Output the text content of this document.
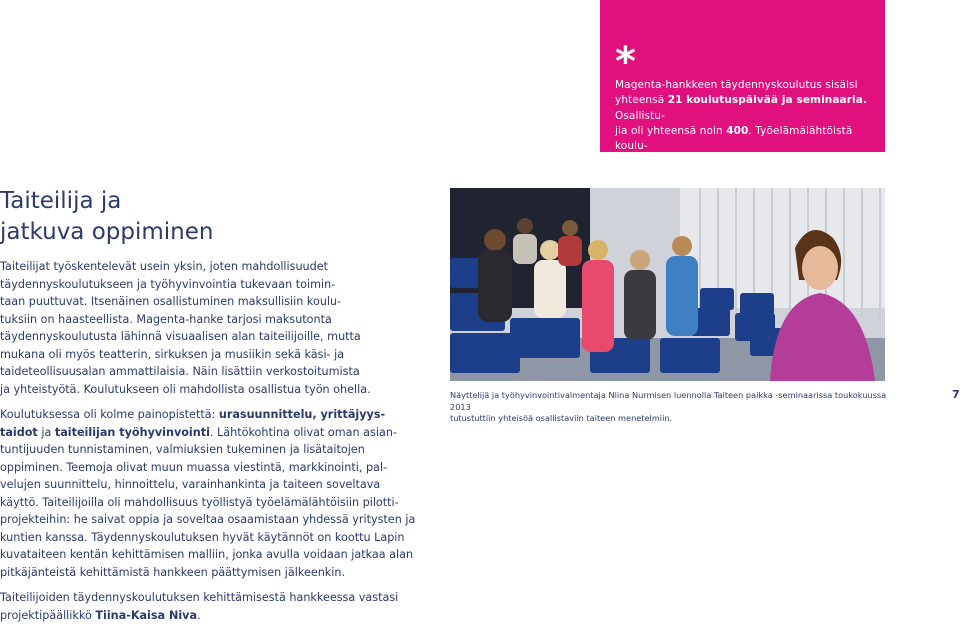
*

Magenta-hankkeen täydennyskoulutus sisälsi
yhteensä 21 koulutuspäivää ja seminaaria. Osallistu-
jia oli yhteensä noin 400. Työelämälähtöistä koulu-
tusta järjestettiin yhdeksässä kuvataideprojektissa.

Taiteilija ja
jatkuva oppiminen

Taiteilijat työskentelevät usein yksin, joten mahdollisuudet
täydennyskoulutukseen ja työhyvinvointia tukevaan toimin-
taan puuttuvat. Itsenäinen osallistuminen maksullisiin koulu-
tuksiin on haasteellista. Magenta-hanke tarjosi maksutonta
täydennyskoulutusta lähinnä visuaalisen alan taiteilijoille, mutta
mukana oli myös teatterin, sirkuksen ja musiikin sekä käsi- ja
taideteollisuusalan ammattilaisia. Näin lisättiin verkostoitumista
ja yhteistyötä. Koulutukseen oli mahdollista osallistua työn ohella.

Koulutuksessa oli kolme painopistettä: urasuunnittelu, yrittäjyys-
taidot ja taiteilijan työhyvinvointi. Lähtökohtina olivat oman asian-
tuntijuuden tunnistaminen, valmiuksien tukeminen ja lisätaitojen
oppiminen. Teemoja olivat muun muassa viestintä, markkinointi, pal-
velujen suunnittelu, hinnoittelu, varainhankinta ja taiteen soveltava
käyttö. Taiteilijoilla oli mahdollisuus työllistyä työelämälähtöisiin pilotti-
projekteihin: he saivat oppia ja soveltaa osaamistaan yhdessä yritysten ja
kuntien kanssa. Täydennyskoulutuksen hyvät käytännöt on koottu Lapin
kuvataiteen kentän kehittämisen malliin, jonka avulla voidaan jatkaa alan
pitkäjänteistä kehittämistä hankkeen päättymisen jälkeenkin.

Taiteilijoiden täydennyskoulutuksen kehittämisestä hankkeessa vastasi
projektipäällikkö Tiina-Kaisa Niva.

Näyttelijä ja työhyvinvointivalmentaja Niina Nurmisen luennolla Taiteen paikka -seminaarissa toukokuussa 2013
tutustuttiin yhteisöä osallistaviin taiteen menetelmiin.

7
